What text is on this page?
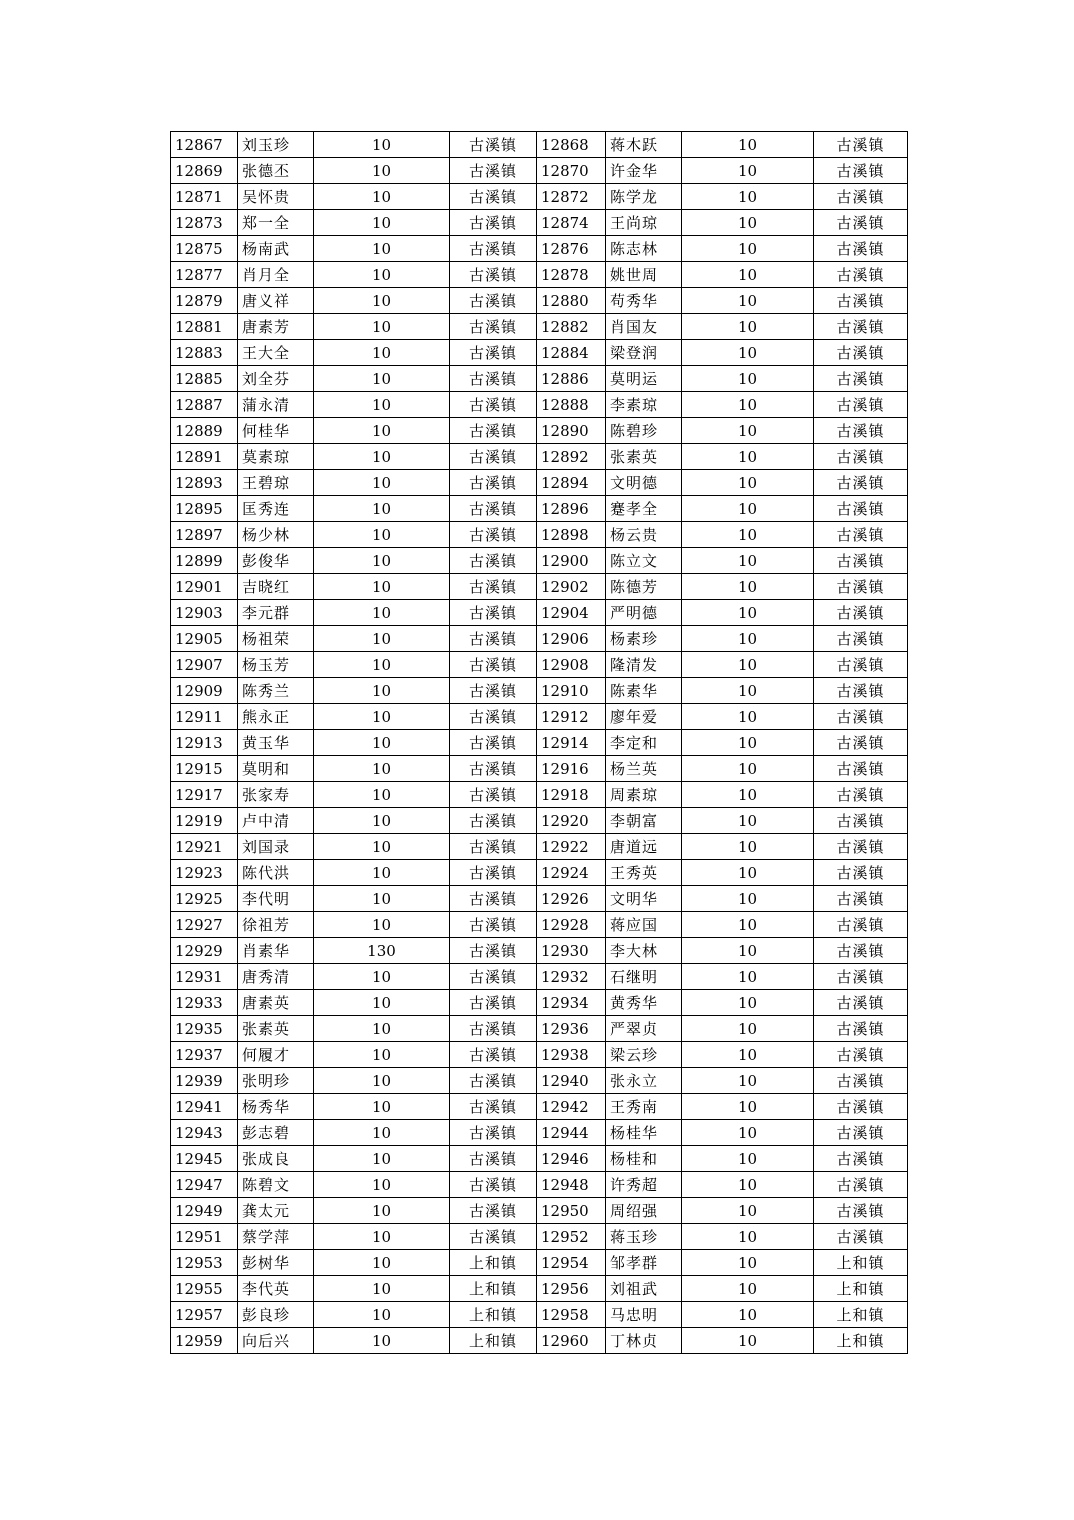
12867	刘玉珍	10	古溪镇	12868	蒋木跃	10	古溪镇
12869	张德丕	10	古溪镇	12870	许金华	10	古溪镇
12871	吴怀贵	10	古溪镇	12872	陈学龙	10	古溪镇
12873	郑一全	10	古溪镇	12874	王尚琼	10	古溪镇
12875	杨南武	10	古溪镇	12876	陈志林	10	古溪镇
12877	肖月全	10	古溪镇	12878	姚世周	10	古溪镇
12879	唐义祥	10	古溪镇	12880	苟秀华	10	古溪镇
12881	唐素芳	10	古溪镇	12882	肖国友	10	古溪镇
12883	王大全	10	古溪镇	12884	梁登润	10	古溪镇
12885	刘全芬	10	古溪镇	12886	莫明运	10	古溪镇
12887	蒲永清	10	古溪镇	12888	李素琼	10	古溪镇
12889	何桂华	10	古溪镇	12890	陈碧珍	10	古溪镇
12891	莫素琼	10	古溪镇	12892	张素英	10	古溪镇
12893	王碧琼	10	古溪镇	12894	文明德	10	古溪镇
12895	匡秀连	10	古溪镇	12896	蹇孝全	10	古溪镇
12897	杨少林	10	古溪镇	12898	杨云贵	10	古溪镇
12899	彭俊华	10	古溪镇	12900	陈立文	10	古溪镇
12901	吉晓红	10	古溪镇	12902	陈德芳	10	古溪镇
12903	李元群	10	古溪镇	12904	严明德	10	古溪镇
12905	杨祖荣	10	古溪镇	12906	杨素珍	10	古溪镇
12907	杨玉芳	10	古溪镇	12908	隆清发	10	古溪镇
12909	陈秀兰	10	古溪镇	12910	陈素华	10	古溪镇
12911	熊永正	10	古溪镇	12912	廖年爱	10	古溪镇
12913	黄玉华	10	古溪镇	12914	李定和	10	古溪镇
12915	莫明和	10	古溪镇	12916	杨兰英	10	古溪镇
12917	张家寿	10	古溪镇	12918	周素琼	10	古溪镇
12919	卢中清	10	古溪镇	12920	李朝富	10	古溪镇
12921	刘国录	10	古溪镇	12922	唐道远	10	古溪镇
12923	陈代洪	10	古溪镇	12924	王秀英	10	古溪镇
12925	李代明	10	古溪镇	12926	文明华	10	古溪镇
12927	徐祖芳	10	古溪镇	12928	蒋应国	10	古溪镇
12929	肖素华	130	古溪镇	12930	李大林	10	古溪镇
12931	唐秀清	10	古溪镇	12932	石继明	10	古溪镇
12933	唐素英	10	古溪镇	12934	黄秀华	10	古溪镇
12935	张素英	10	古溪镇	12936	严翠贞	10	古溪镇
12937	何履才	10	古溪镇	12938	梁云珍	10	古溪镇
12939	张明珍	10	古溪镇	12940	张永立	10	古溪镇
12941	杨秀华	10	古溪镇	12942	王秀南	10	古溪镇
12943	彭志碧	10	古溪镇	12944	杨桂华	10	古溪镇
12945	张成良	10	古溪镇	12946	杨桂和	10	古溪镇
12947	陈碧文	10	古溪镇	12948	许秀超	10	古溪镇
12949	龚太元	10	古溪镇	12950	周绍强	10	古溪镇
12951	蔡学萍	10	古溪镇	12952	蒋玉珍	10	古溪镇
12953	彭树华	10	上和镇	12954	邹孝群	10	上和镇
12955	李代英	10	上和镇	12956	刘祖武	10	上和镇
12957	彭良珍	10	上和镇	12958	马忠明	10	上和镇
12959	向后兴	10	上和镇	12960	丁林贞	10	上和镇
